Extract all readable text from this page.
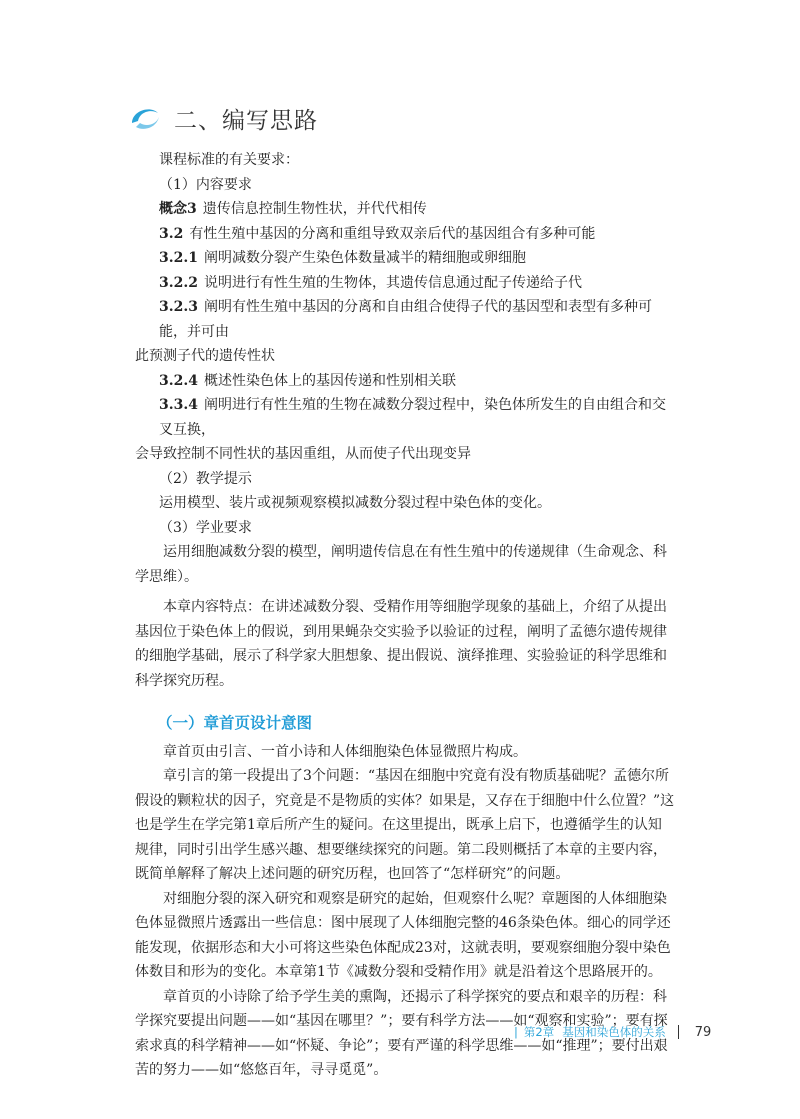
二、编写思路

课程标准的有关要求：

（1）内容要求

概念3 遗传信息控制生物性状，并代代相传

3.2 有性生殖中基因的分离和重组导致双亲后代的基因组合有多种可能

3.2.1 阐明减数分裂产生染色体数量减半的精细胞或卵细胞

3.2.2 说明进行有性生殖的生物体，其遗传信息通过配子传递给子代

3.2.3 阐明有性生殖中基因的分离和自由组合使得子代的基因型和表型有多种可能，并可由

此预测子代的遗传性状

3.2.4 概述性染色体上的基因传递和性别相关联

3.3.4 阐明进行有性生殖的生物在减数分裂过程中，染色体所发生的自由组合和交叉互换，

会导致控制不同性状的基因重组，从而使子代出现变异

（2）教学提示

运用模型、装片或视频观察模拟减数分裂过程中染色体的变化。

（3）学业要求

运用细胞减数分裂的模型，阐明遗传信息在有性生殖中的传递规律（生命观念、科学思维）。

本章内容特点：在讲述减数分裂、受精作用等细胞学现象的基础上，介绍了从提出基因位于染色体上的假说，到用果蝇杂交实验予以验证的过程，阐明了孟德尔遗传规律的细胞学基础，展示了科学家大胆想象、提出假说、演绎推理、实验验证的科学思维和科学探究历程。

（一）章首页设计意图

章首页由引言、一首小诗和人体细胞染色体显微照片构成。

章引言的第一段提出了3个问题：“基因在细胞中究竟有没有物质基础呢？孟德尔所假设的颗粒状的因子，究竟是不是物质的实体？如果是，又存在于细胞中什么位置？”这也是学生在学完第1章后所产生的疑问。在这里提出，既承上启下，也遵循学生的认知规律，同时引出学生感兴趣、想要继续探究的问题。第二段则概括了本章的主要内容，既简单解释了解决上述问题的研究历程，也回答了“怎样研究”的问题。

对细胞分裂的深入研究和观察是研究的起始，但观察什么呢？章题图的人体细胞染色体显微照片透露出一些信息：图中展现了人体细胞完整的46条染色体。细心的同学还能发现，依据形态和大小可将这些染色体配成23对，这就表明，要观察细胞分裂中染色体数目和形为的变化。本章第1节《减数分裂和受精作用》就是沿着这个思路展开的。

章首页的小诗除了给予学生美的熏陶，还揭示了科学探究的要点和艰辛的历程：科学探究要提出问题——如“基因在哪里？”；要有科学方法——如“观察和实验”；要有探索求真的科学精神——如“怀疑、争论”；要有严谨的科学思维——如“推理”；要付出艰苦的努力——如“悠悠百年，寻寻觅觅”。

| 第2章 基因和染色体的关系 79
